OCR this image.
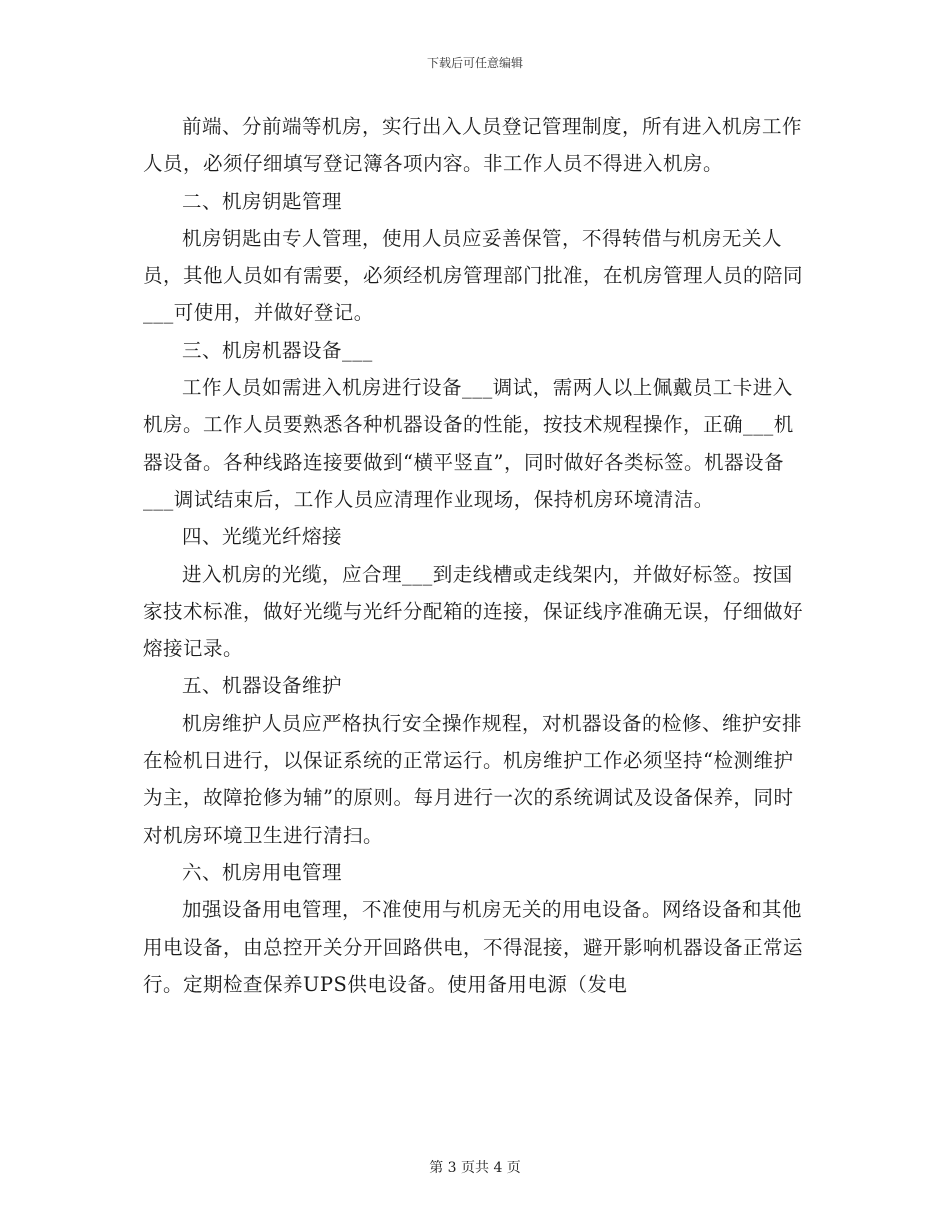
下载后可任意编辑

前端、分前端等机房，实行出入人员登记管理制度，所有进入机房工作人员，必须仔细填写登记簿各项内容。非工作人员不得进入机房。

二、机房钥匙管理

机房钥匙由专人管理，使用人员应妥善保管，不得转借与机房无关人员，其他人员如有需要，必须经机房管理部门批准，在机房管理人员的陪同___可使用，并做好登记。

三、机房机器设备___

工作人员如需进入机房进行设备___调试，需两人以上佩戴员工卡进入机房。工作人员要熟悉各种机器设备的性能，按技术规程操作，正确___机器设备。各种线路连接要做到“横平竖直”，同时做好各类标签。机器设备___调试结束后，工作人员应清理作业现场，保持机房环境清洁。

四、光缆光纤熔接

进入机房的光缆，应合理___到走线槽或走线架内，并做好标签。按国家技术标准，做好光缆与光纤分配箱的连接，保证线序准确无误，仔细做好熔接记录。

五、机器设备维护

机房维护人员应严格执行安全操作规程，对机器设备的检修、维护安排在检机日进行，以保证系统的正常运行。机房维护工作必须坚持“检测维护为主，故障抢修为辅”的原则。每月进行一次的系统调试及设备保养，同时对机房环境卫生进行清扫。

六、机房用电管理

加强设备用电管理，不准使用与机房无关的用电设备。网络设备和其他用电设备，由总控开关分开回路供电，不得混接，避开影响机器设备正常运行。定期检查保养UPS供电设备。使用备用电源（发电

第 3 页共 4 页
